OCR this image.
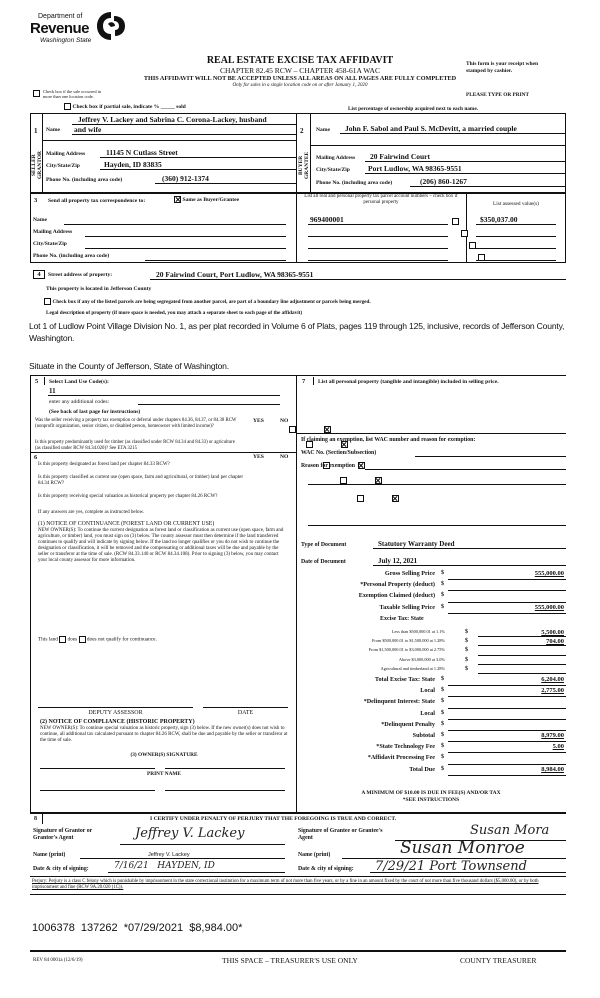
Department of
Revenue
Washington State
REAL ESTATE EXCISE TAX AFFIDAVIT
CHAPTER 82.45 RCW – CHAPTER 458-61A WAC
THIS AFFIDAVIT WILL NOT BE ACCEPTED UNLESS ALL AREAS ON ALL PAGES ARE FULLY COMPLETED
Only for sales in a single location code on or after January 1, 2020
This form is your receipt when stamped by cashier.
PLEASE TYPE OR PRINT
Check box if the sale occurred in more than one location code.
Check box if partial sale, indicate % _____ sold	List percentage of ownership acquired next to each name.
1
SELLER GRANTOR
Name
Jeffrey V. Lackey and Sabrina C. Corona-Lackey, husband
and wife
Mailing Address	11145 N Cutlass Street
City/State/Zip	Hayden, ID 83835
Phone No. (including area code)	(360) 912-1374
2
BUYER GRANTEE
Name John F. Sabol and Paul S. McDevitt, a married couple
Mailing Address 20 Fairwind Court
City/State/Zip Port Ludlow, WA 98365-9551
Phone No. (including area code)	(206) 860-1267
3 Send all property tax correspondence to:	Same as Buyer/Grantee
Name
Mailing Address
City/State/Zip
Phone No. (including area code)
List all real and personal property tax parcel account numbers – check box if personal property	List assessed value(s)
969400001
	$350,037.00

4	Street address of property:	20 Fairwind Court, Port Ludlow, WA 98365-9551
This property is located in Jefferson County
Check box if any of the listed parcels are being segregated from another parcel, are part of a boundary line adjustment or parcels being merged.
Legal description of property (if more space is needed, you may attach a separate sheet to each page of the affidavit)
Lot 1 of Ludlow Point Village Division No. 1, as per plat recorded in Volume 6 of Plats, pages 119 through 125, inclusive, records of Jefferson County, Washington.
Situate in the County of Jefferson, State of Washington.
5 Select Land Use Code(s):
11
enter any additional codes:
(See back of last page for instructions)
YES	NO
Was the seller receiving a property tax exemption or deferral under chapters 84.36, 84.37, or 84.38 RCW (nonprofit organization, senior citizen, or disabled person, homeowner with limited income)?

Is this property predominantly used for timber (as classified under RCW 84.34 and 84.33) or agriculture (as classified under RCW 84.34.020)? See ETA 3215

6	YES	NO
Is this property designated as forest land per chapter 84.33 RCW?

Is this property classified as current use (open space, farm and agricultural, or timber) land per chapter 84.34 RCW?

Is this property receiving special valuation as historical property per chapter 84.26 RCW?

If any answers are yes, complete as instructed below.
(1) NOTICE OF CONTINUANCE (FOREST LAND OR CURRENT USE)
NEW OWNER(S): To continue the current designation as forest land or classification as current use (open space, farm and agriculture, or timber) land, you must sign on (3) below. The county assessor must then determine if the land transferred continues to qualify and will indicate by signing below. If the land no longer qualifies or you do not wish to continue the designation or classification, it will be removed and the compensating or additional taxes will be due and payable by the seller or transferor at the time of sale. (RCW 84.33.140 or RCW 84.34.108). Prior to signing (3) below, you may contact your local county assessor for more information.
This land does does not qualify for continuance.
DEPUTY ASSESSOR	DATE
(2) NOTICE OF COMPLIANCE (HISTORIC PROPERTY)
NEW OWNER(S): To continue special valuation as historic property, sign (3) below. If the new owner(s) does not wish to continue, all additional tax calculated pursuant to chapter 84.26 RCW, shall be due and payable by the seller or transferor at the time of sale.
(3) OWNER(S) SIGNATURE
PRINT NAME
7 List all personal property (tangible and intangible) included in selling price.
If claiming an exemption, list WAC number and reason for exemption:
WAC No. (Section/Subsection)
Reason for exemption
Type of Document	Statutory Warranty Deed
Date of Document	July 12, 2021
Gross Selling Price $	555,000.00
*Personal Property (deduct) $
Exemption Claimed (deduct) $
Taxable Selling Price $	555,000.00
Excise Tax: State
Less than $500,000.01 at 1.1%	$	5,500.00
From $500,000.01 to $1,500,000 at 1.28%	$	704.00
From $1,500,000.01 to $3,000,000 at 2.75%	$
Above $3,000,000 at 3.0%	$
Agricultural and timberland at 1.28%	$
Total Excise Tax: State $	6,204.00
Local $	2,775.00
*Delinquent Interest: State $
Local $
*Delinquent Penalty $
Subtotal $	8,979.00
*State Technology Fee $	5.00
*Affidavit Processing Fee $
Total Due $	8,984.00
A MINIMUM OF $10.00 IS DUE IN FEE(S) AND/OR TAX
*SEE INSTRUCTIONS
8	I CERTIFY UNDER PENALTY OF PERJURY THAT THE FOREGOING IS TRUE AND CORRECT.
Signature of Grantor or Grantor's Agent	Jeffrey V. Lackey
Name (print)	Jeffrey V. Lackey
Date & city of signing:	7/16/21   HAYDEN, ID
Signature of Grantee or Grantee's Agent	Susan Mora
Name (print)	Susan Monroe
Date & city of signing: 7/29/21 Port Townsend
Perjury: Perjury is a class C felony which is punishable by imprisonment in the state correctional institution for a maximum term of not more than five years, or by a fine in an amount fixed by the court of not more than five thousand dollars ($5,000.00), or by both imprisonment and fine (RCW 9A.20.020 (1C)).
1006378  137262  *07/29/2021  $8,984.00*
REV 84 0001a (12/6/19)	THIS SPACE – TREASURER'S USE ONLY	COUNTY TREASURER
